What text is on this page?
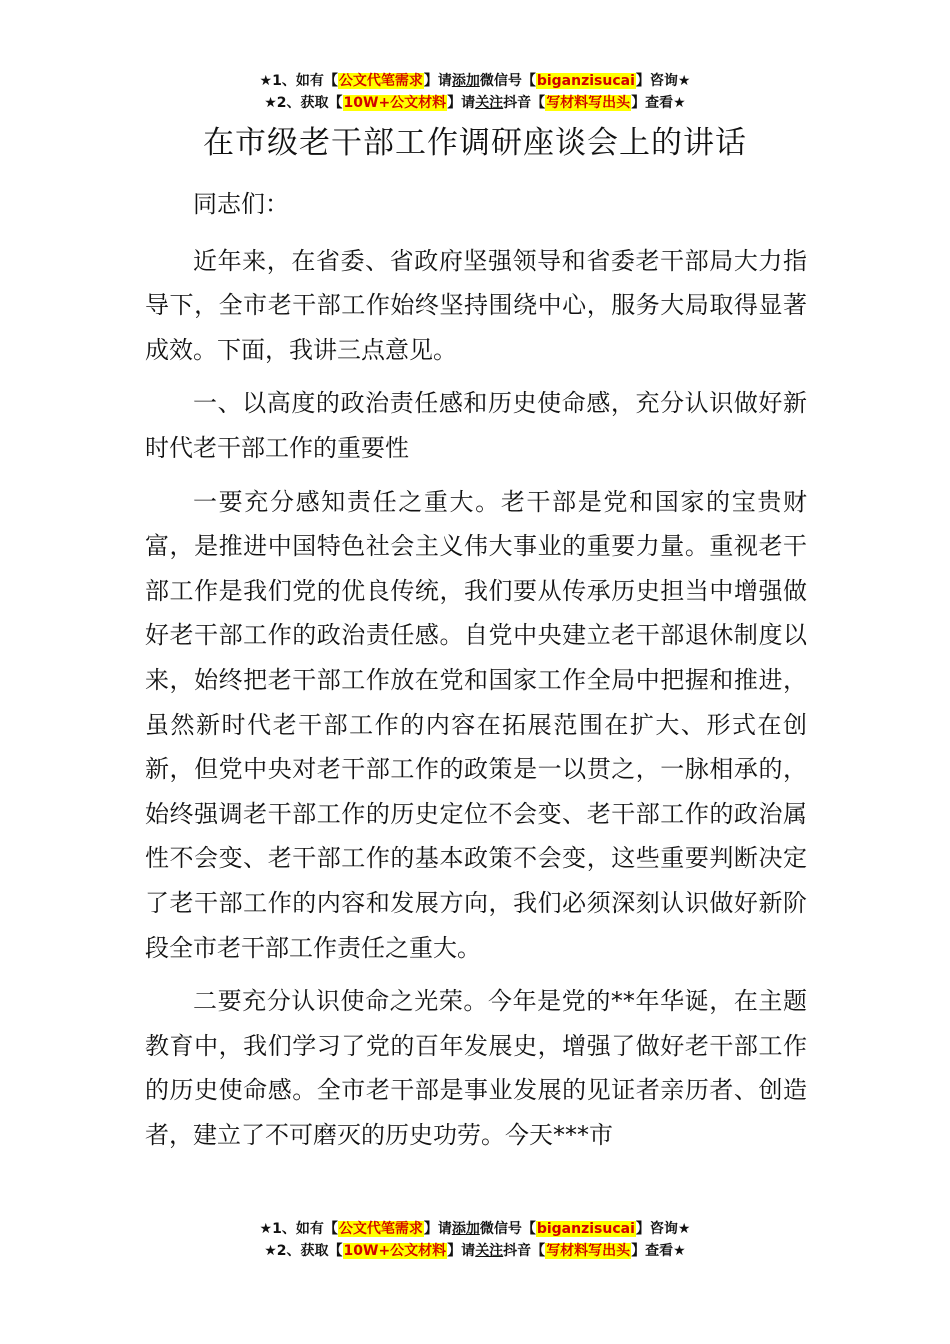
★1、如有【公文代笔需求】请添加微信号【biganzisucai】咨询★
★2、获取【10W+公文材料】请关注抖音【写材料写出头】查看★
在市级老干部工作调研座谈会上的讲话

同志们：

近年来，在省委、省政府坚强领导和省委老干部局大力指导下，全市老干部工作始终坚持围绕中心，服务大局取得显著成效。下面，我讲三点意见。

一、以高度的政治责任感和历史使命感，充分认识做好新时代老干部工作的重要性

一要充分感知责任之重大。老干部是党和国家的宝贵财富，是推进中国特色社会主义伟大事业的重要力量。重视老干部工作是我们党的优良传统，我们要从传承历史担当中增强做好老干部工作的政治责任感。自党中央建立老干部退休制度以来，始终把老干部工作放在党和国家工作全局中把握和推进，虽然新时代老干部工作的内容在拓展范围在扩大、形式在创新，但党中央对老干部工作的政策是一以贯之，一脉相承的，始终强调老干部工作的历史定位不会变、老干部工作的政治属性不会变、老干部工作的基本政策不会变，这些重要判断决定了老干部工作的内容和发展方向，我们必须深刻认识做好新阶段全市老干部工作责任之重大。

二要充分认识使命之光荣。今年是党的**年华诞，在主题教育中，我们学习了党的百年发展史，增强了做好老干部工作的历史使命感。全市老干部是事业发展的见证者亲历者、创造者，建立了不可磨灭的历史功劳。今天***市

★1、如有【公文代笔需求】请添加微信号【biganzisucai】咨询★
★2、获取【10W+公文材料】请关注抖音【写材料写出头】查看★
